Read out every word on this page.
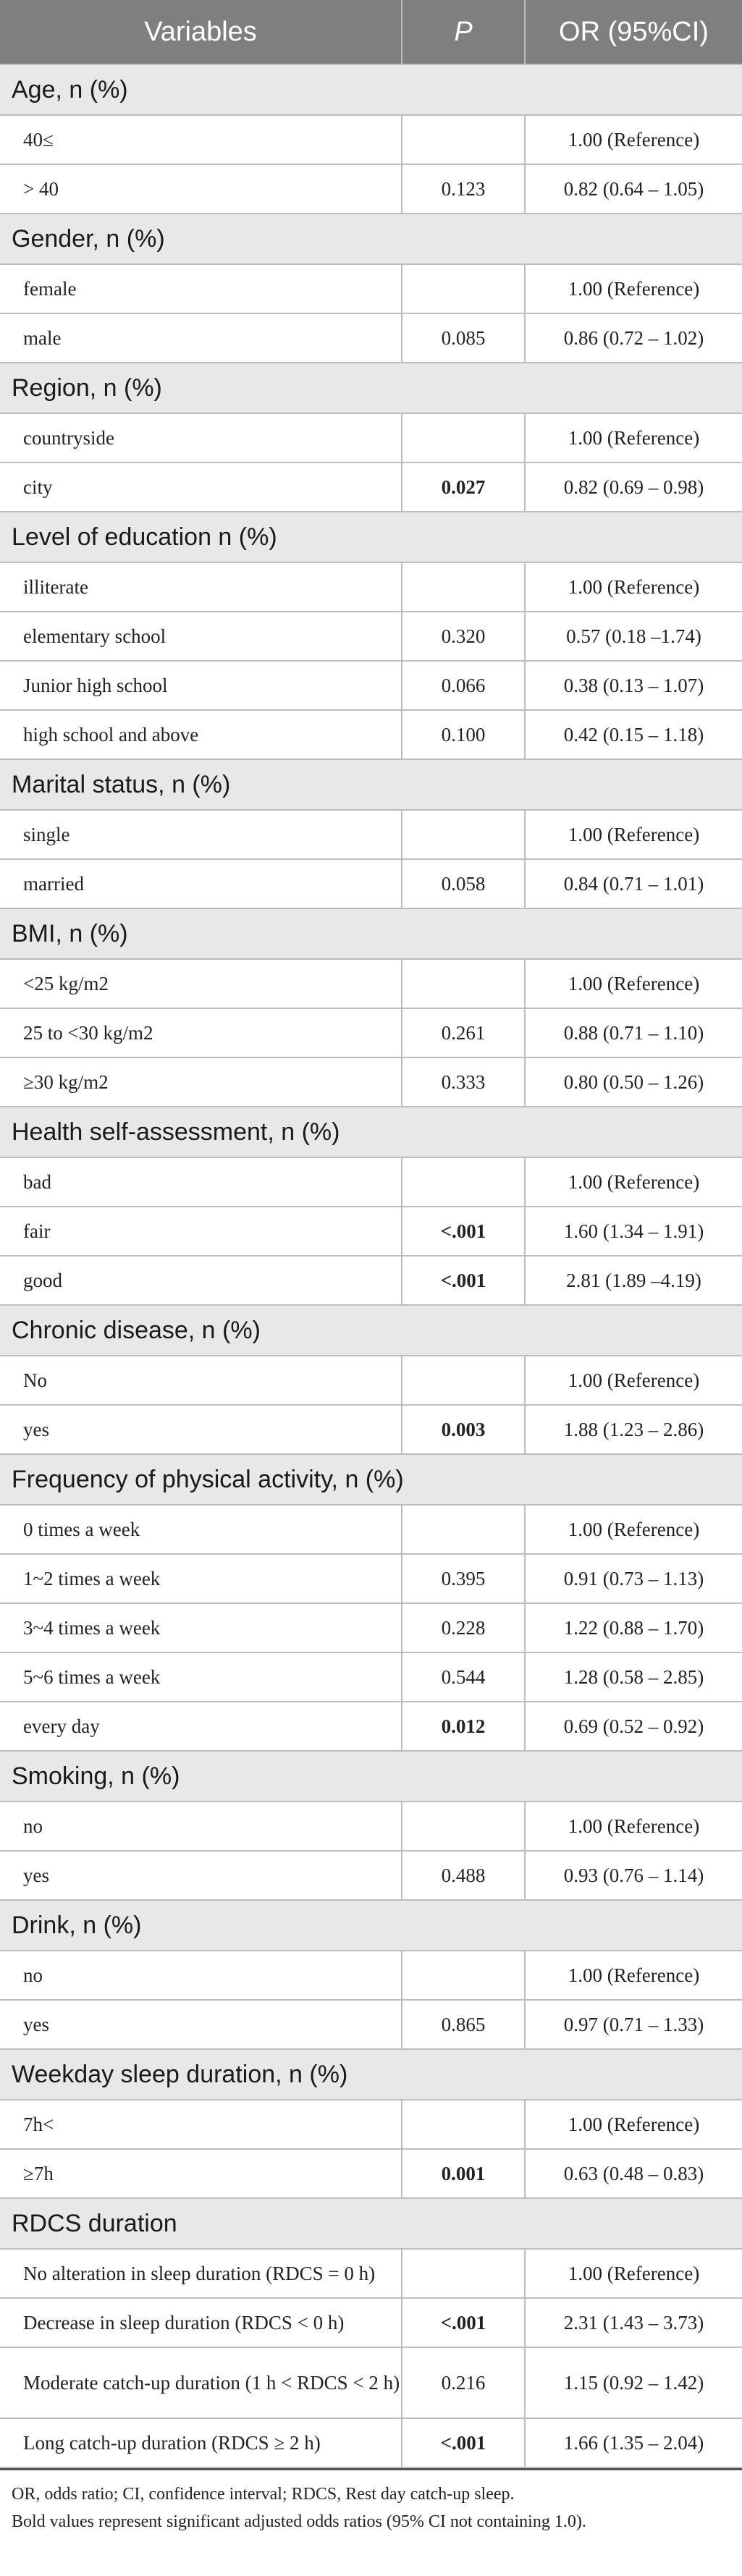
Variables	P	OR (95%CI)
Age, n (%)		
40≤		1.00 (Reference)
> 40	0.123	0.82 (0.64 – 1.05)
Gender, n (%)		
female		1.00 (Reference)
male	0.085	0.86 (0.72 – 1.02)
Region, n (%)		
countryside		1.00 (Reference)
city	0.027	0.82 (0.69 – 0.98)
Level of education n (%)		
illiterate		1.00 (Reference)
elementary school	0.320	0.57 (0.18 –1.74)
Junior high school	0.066	0.38 (0.13 – 1.07)
high school and above	0.100	0.42 (0.15 – 1.18)
Marital status, n (%)		
single		1.00 (Reference)
married	0.058	0.84 (0.71 – 1.01)
BMI, n (%)		
<25 kg/m2		1.00 (Reference)
25 to <30 kg/m2	0.261	0.88 (0.71 – 1.10)
≥30 kg/m2	0.333	0.80 (0.50 – 1.26)
Health self-assessment, n (%)		
bad		1.00 (Reference)
fair	<.001	1.60 (1.34 – 1.91)
good	<.001	2.81 (1.89 –4.19)
Chronic disease, n (%)		
No		1.00 (Reference)
yes	0.003	1.88 (1.23 – 2.86)
Frequency of physical activity, n (%)		
0 times a week		1.00 (Reference)
1~2 times a week	0.395	0.91 (0.73 – 1.13)
3~4 times a week	0.228	1.22 (0.88 – 1.70)
5~6 times a week	0.544	1.28 (0.58 – 2.85)
every day	0.012	0.69 (0.52 – 0.92)
Smoking, n (%)		
no		1.00 (Reference)
yes	0.488	0.93 (0.76 – 1.14)
Drink, n (%)		
no		1.00 (Reference)
yes	0.865	0.97 (0.71 – 1.33)
Weekday sleep duration, n (%)		
7h<		1.00 (Reference)
≥7h	0.001	0.63 (0.48 – 0.83)
RDCS duration		
No alteration in sleep duration (RDCS = 0 h)		1.00 (Reference)
Decrease in sleep duration (RDCS < 0 h)	<.001	2.31 (1.43 – 3.73)
Moderate catch-up duration (1 h < RDCS < 2 h)	0.216	1.15 (0.92 – 1.42)
Long catch-up duration (RDCS ≥ 2 h)	<.001	1.66 (1.35 – 2.04)
OR, odds ratio; CI, confidence interval; RDCS, Rest day catch-up sleep.
Bold values represent significant adjusted odds ratios (95% CI not containing 1.0).
